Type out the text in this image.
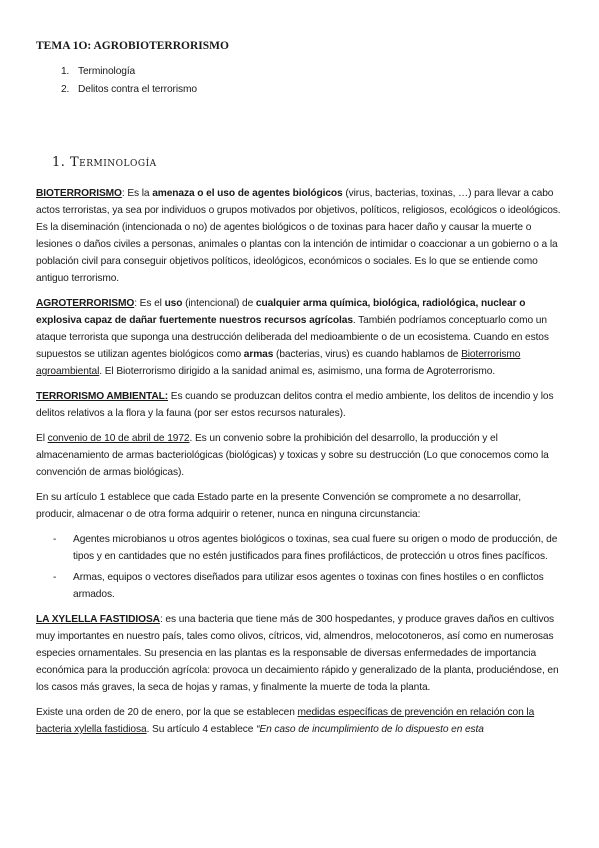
TEMA 1O: AGROBIOTERRORISMO
1. Terminología
2. Delitos contra el terrorismo
1. Terminología

BIOTERRORISMO: Es la amenaza o el uso de agentes biológicos (virus, bacterias, toxinas, …) para llevar a cabo actos terroristas, ya sea por individuos o grupos motivados por objetivos, políticos, religiosos, ecológicos o ideológicos. Es la diseminación (intencionada o no) de agentes biológicos o de toxinas para hacer daño y causar la muerte o lesiones o daños civiles a personas, animales o plantas con la intención de intimidar o coaccionar a un gobierno o a la población civil para conseguir objetivos políticos, ideológicos, económicos o sociales. Es lo que se entiende como antiguo terrorismo.

AGROTERRORISMO: Es el uso (intencional) de cualquier arma química, biológica, radiológica, nuclear o explosiva capaz de dañar fuertemente nuestros recursos agrícolas. También podríamos conceptuarlo como un ataque terrorista que suponga una destrucción deliberada del medioambiente o de un ecosistema. Cuando en estos supuestos se utilizan agentes biológicos como armas (bacterias, virus) es cuando hablamos de Bioterrorismo agroambiental. El Bioterrorismo dirigido a la sanidad animal es, asimismo, una forma de Agroterrorismo.

TERRORISMO AMBIENTAL: Es cuando se produzcan delitos contra el medio ambiente, los delitos de incendio y los delitos relativos a la flora y la fauna (por ser estos recursos naturales).

El convenio de 10 de abril de 1972. Es un convenio sobre la prohibición del desarrollo, la producción y el almacenamiento de armas bacteriológicas (biológicas) y toxicas y sobre su destrucción (Lo que conocemos como la convención de armas biológicas).

En su artículo 1 establece que cada Estado parte en la presente Convención se compromete a no desarrollar, producir, almacenar o de otra forma adquirir o retener, nunca en ninguna circunstancia:

- Agentes microbianos u otros agentes biológicos o toxinas, sea cual fuere su origen o modo de producción, de tipos y en cantidades que no estén justificados para fines profilácticos, de protección u otros fines pacíficos.
- Armas, equipos o vectores diseñados para utilizar esos agentes o toxinas con fines hostiles o en conflictos armados.

LA XYLELLA FASTIDIOSA: es una bacteria que tiene más de 300 hospedantes, y produce graves daños en cultivos muy importantes en nuestro país, tales como olivos, cítricos, vid, almendros, melocotoneros, así como en numerosas especies ornamentales. Su presencia en las plantas es la responsable de diversas enfermedades de importancia económica para la producción agrícola: provoca un decaimiento rápido y generalizado de la planta, produciéndose, en los casos más graves, la seca de hojas y ramas, y finalmente la muerte de toda la planta.

Existe una orden de 20 de enero, por la que se establecen medidas específicas de prevención en relación con la bacteria xylella fastidiosa. Su artículo 4 establece “En caso de incumplimiento de lo dispuesto en esta
